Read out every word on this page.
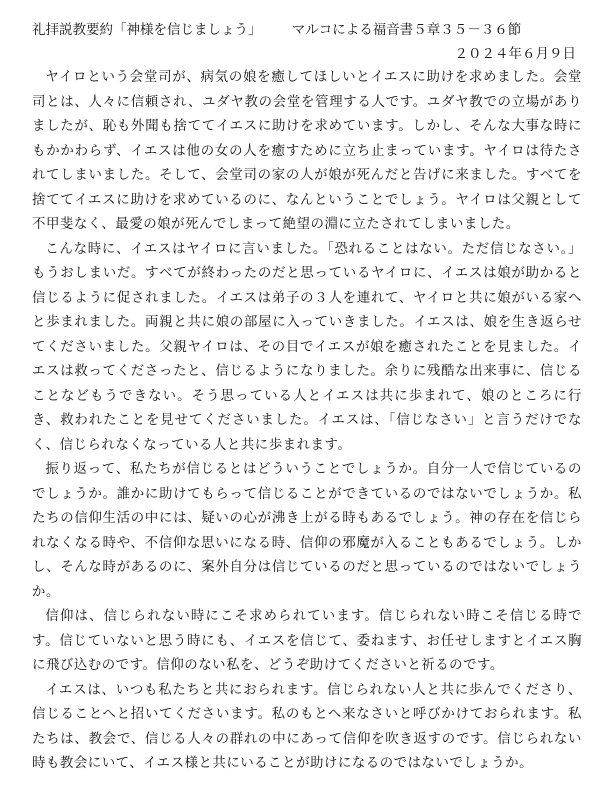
礼拝説教要約「神様を信じましょう」 マルコによる福音書５章３５－３６節
２０２４年６月９日

ヤイロという会堂司が、病気の娘を癒してほしいとイエスに助けを求めました。会堂司とは、人々に信頼され、ユダヤ教の会堂を管理する人です。ユダヤ教での立場がありましたが、恥も外聞も捨ててイエスに助けを求めています。しかし、そんな大事な時にもかかわらず、イエスは他の女の人を癒すために立ち止まっています。ヤイロは待たされてしまいました。そして、会堂司の家の人が娘が死んだと告げに来ました。すべてを捨ててイエスに助けを求めているのに、なんということでしょう。ヤイロは父親として不甲斐なく、最愛の娘が死んでしまって絶望の淵に立たされてしまいました。

こんな時に、イエスはヤイロに言いました。「恐れることはない。ただ信じなさい。」もうおしまいだ。すべてが終わったのだと思っているヤイロに、イエスは娘が助かると信じるように促されました。イエスは弟子の３人を連れて、ヤイロと共に娘がいる家へと歩まれました。両親と共に娘の部屋に入っていきました。イエスは、娘を生き返らせてくださいました。父親ヤイロは、その目でイエスが娘を癒されたことを見ました。イエスは救ってくださったと、信じるようになりました。余りに残酷な出来事に、信じることなどもうできない。そう思っている人とイエスは共に歩まれて、娘のところに行き、救われたことを見せてくださいました。イエスは、「信じなさい」と言うだけでなく、信じられなくなっている人と共に歩まれます。

振り返って、私たちが信じるとはどういうことでしょうか。自分一人で信じているのでしょうか。誰かに助けてもらって信じることができているのではないでしょうか。私たちの信仰生活の中には、疑いの心が沸き上がる時もあるでしょう。神の存在を信じられなくなる時や、不信仰な思いになる時、信仰の邪魔が入ることもあるでしょう。しかし、そんな時があるのに、案外自分は信じているのだと思っているのではないでしょうか。

信仰は、信じられない時にこそ求められています。信じられない時こそ信じる時です。信じていないと思う時にも、イエスを信じて、委ねます、お任せしますとイエス胸に飛び込むのです。信仰のない私を、どうぞ助けてくださいと祈るのです。

イエスは、いつも私たちと共におられます。信じられない人と共に歩んでくださり、信じることへと招いてくださいます。私のもとへ来なさいと呼びかけておられます。私たちは、教会で、信じる人々の群れの中にあって信仰を吹き返すのです。信じられない時も教会にいて、イエス様と共にいることが助けになるのではないでしょうか。
